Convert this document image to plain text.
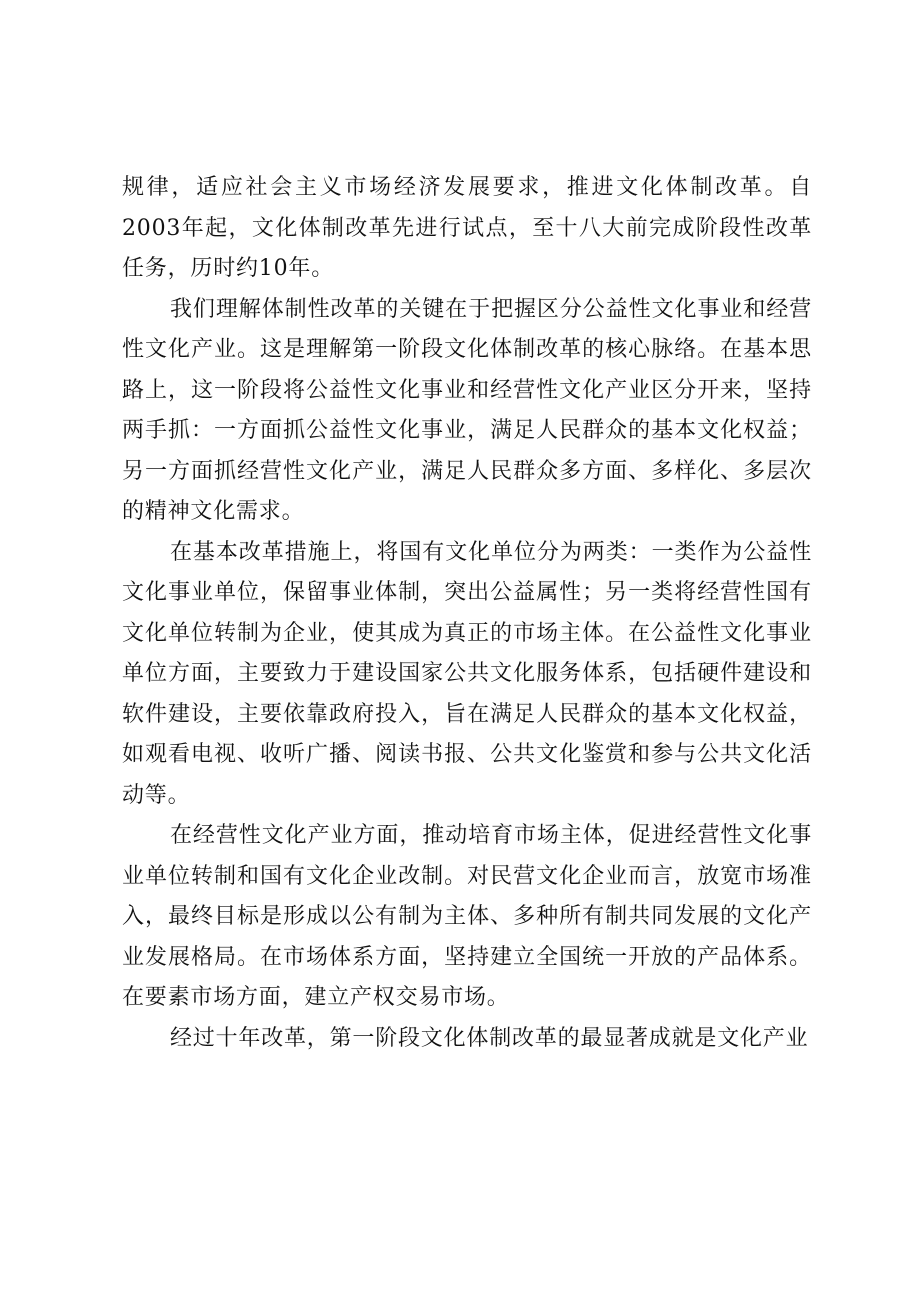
规律，适应社会主义市场经济发展要求，推进文化体制改革。自2003年起，文化体制改革先进行试点，至十八大前完成阶段性改革任务，历时约10年。

我们理解体制性改革的关键在于把握区分公益性文化事业和经营性文化产业。这是理解第一阶段文化体制改革的核心脉络。在基本思路上，这一阶段将公益性文化事业和经营性文化产业区分开来，坚持两手抓：一方面抓公益性文化事业，满足人民群众的基本文化权益；另一方面抓经营性文化产业，满足人民群众多方面、多样化、多层次的精神文化需求。

在基本改革措施上，将国有文化单位分为两类：一类作为公益性文化事业单位，保留事业体制，突出公益属性；另一类将经营性国有文化单位转制为企业，使其成为真正的市场主体。在公益性文化事业单位方面，主要致力于建设国家公共文化服务体系，包括硬件建设和软件建设，主要依靠政府投入，旨在满足人民群众的基本文化权益，如观看电视、收听广播、阅读书报、公共文化鉴赏和参与公共文化活动等。

在经营性文化产业方面，推动培育市场主体，促进经营性文化事业单位转制和国有文化企业改制。对民营文化企业而言，放宽市场准入，最终目标是形成以公有制为主体、多种所有制共同发展的文化产业发展格局。在市场体系方面，坚持建立全国统一开放的产品体系。在要素市场方面，建立产权交易市场。

经过十年改革，第一阶段文化体制改革的最显著成就是文化产业
